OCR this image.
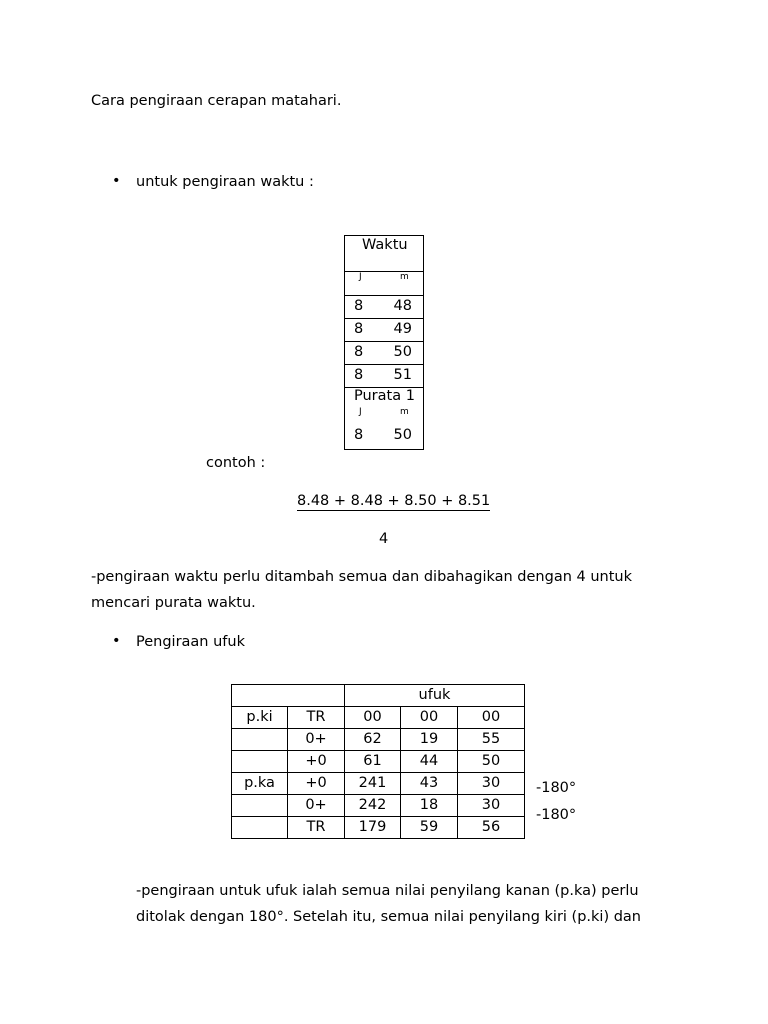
Cara pengiraan cerapan matahari.
• untuk pengiraan waktu :
Waktu
J	m
8 48
8 49
8 50
8 51
Purata 1
J	m
8 50
contoh :
8.48 + 8.48 + 8.50 + 8.51
4
-pengiraan waktu perlu ditambah semua dan dibahagikan dengan 4 untuk
mencari purata waktu.
• Pengiraan ufuk
		ufuk		
p.ki	TR	00	00	00
	0+	62	19	55
	+0	61	44	50
p.ka	+0	241	43	30
	0+	242	18	30
	TR	179	59	56
-180°
-180°
-pengiraan untuk ufuk ialah semua nilai penyilang kanan (p.ka) perlu
ditolak dengan 180°. Setelah itu, semua nilai penyilang kiri (p.ki) dan
